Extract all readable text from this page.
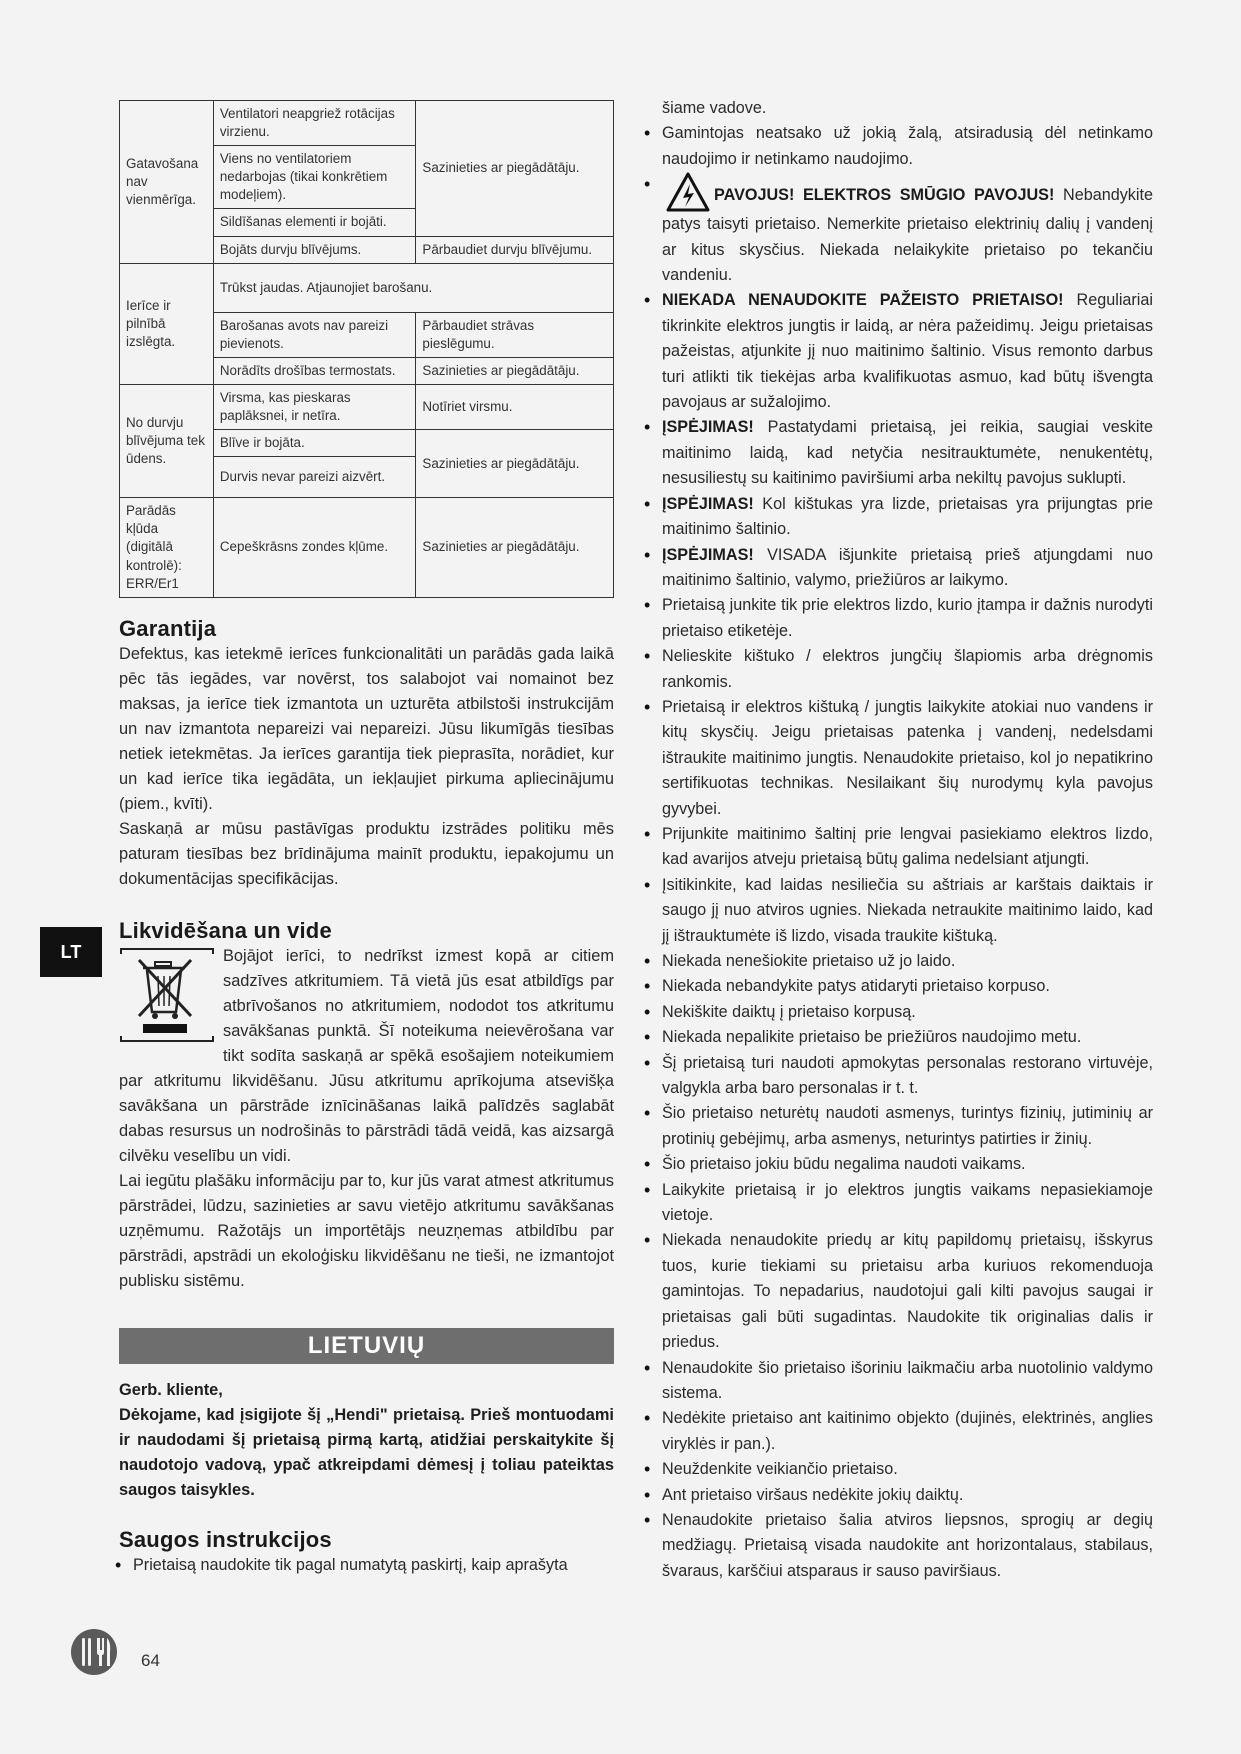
Gatavošana nav vienmērīga.	Ventilatori neapgriež rotācijas virzienu.	Sazinieties ar piegādātāju.
	Viens no ventilatoriem nedarbojas (tikai konkrētiem modeļiem).	
	Sildīšanas elementi ir bojāti.	
	Bojāts durvju blīvējums.	Pārbaudiet durvju blīvējumu.
Ierīce ir pilnībā izslēgta.	Trūkst jaudas. Atjaunojiet barošanu.	
	Barošanas avots nav pareizi pievienots.	Pārbaudiet strāvas pieslēgumu.
	Norādīts drošības termostats.	Sazinieties ar piegādātāju.
No durvju blīvējuma tek ūdens.	Virsma, kas pieskaras paplāksnei, ir netīra.	Notīriet virsmu.
	Blīve ir bojāta.	Sazinieties ar piegādātāju.
	Durvis nevar pareizi aizvērt.	
Parādās kļūda (digitālā kontrolē): ERR/Er1	Cepeškrāsns zondes kļūme.	Sazinieties ar piegādātāju.
Garantija

Defektus, kas ietekmē ierīces funkcionalitāti un parādās gada laikā pēc tās iegādes, var novērst, tos salabojot vai nomainot bez maksas, ja ierīce tiek izmantota un uzturēta atbilstoši instrukcijām un nav izmantota nepareizi vai nepareizi. Jūsu likumīgās tiesības netiek ietekmētas. Ja ierīces garantija tiek pieprasīta, norādiet, kur un kad ierīce tika iegādāta, un iekļaujiet pirkuma apliecinājumu (piem., kvīti).

Saskaņā ar mūsu pastāvīgas produktu izstrādes politiku mēs paturam tiesības bez brīdinājuma mainīt produktu, iepakojumu un dokumentācijas specifikācijas.

Likvidēšana un vide

Bojājot ierīci, to nedrīkst izmest kopā ar citiem sadzīves atkritumiem. Tā vietā jūs esat atbildīgs par atbrīvošanos no atkritumiem, nododot tos atkritumu savākšanas punktā. Šī noteikuma neievērošana var tikt sodīta saskaņā ar spēkā esošajiem noteikumiem par atkritumu likvidēšanu. Jūsu atkritumu aprīkojuma atsevišķa savākšana un pārstrāde iznīcināšanas laikā palīdzēs saglabāt dabas resursus un nodrošinās to pārstrādi tādā veidā, kas aizsargā cilvēku veselību un vidi.

Lai iegūtu plašāku informāciju par to, kur jūs varat atmest atkritumus pārstrādei, lūdzu, sazinieties ar savu vietējo atkritumu savākšanas uzņēmumu. Ražotājs un importētājs neuzņemas atbildību par pārstrādi, apstrādi un ekoloģisku likvidēšanu ne tieši, ne izmantojot publisku sistēmu.

LIETUVIŲ

Gerb. kliente,

Dėkojame, kad įsigijote šį „Hendi" prietaisą. Prieš montuodami ir naudodami šį prietaisą pirmą kartą, atidžiai perskaitykite šį naudotojo vadovą, ypač atkreipdami dėmesį į toliau pateiktas saugos taisykles.

Saugos instrukcijos
• Prietaisą naudokite tik pagal numatytą paskirtį, kaip aprašyta
šiame vadove.
• Gamintojas neatsako už jokią žalą, atsiradusią dėl netinkamo naudojimo ir netinkamo naudojimo.
• PAVOJUS! ELEKTROS SMŪGIO PAVOJUS! Nebandykite patys taisyti prietaiso. Nemerkite prietaiso elektrinių dalių į vandenį ar kitus skysčius. Niekada nelaikykite prietaiso po tekančiu vandeniu.
• NIEKADA NENAUDOKITE PAŽEISTO PRIETAISO! Reguliariai tikrinkite elektros jungtis ir laidą, ar nėra pažeidimų. Jeigu prietaisas pažeistas, atjunkite jį nuo maitinimo šaltinio. Visus remonto darbus turi atlikti tik tiekėjas arba kvalifikuotas asmuo, kad būtų išvengta pavojaus ar sužalojimo.
• ĮSPĖJIMAS! Pastatydami prietaisą, jei reikia, saugiai veskite maitinimo laidą, kad netyčia nesitrauktumėte, nenukentėtų, nesusiliestų su kaitinimo paviršiumi arba nekiltų pavojus suklupti.
• ĮSPĖJIMAS! Kol kištukas yra lizde, prietaisas yra prijungtas prie maitinimo šaltinio.
• ĮSPĖJIMAS! VISADA išjunkite prietaisą prieš atjungdami nuo maitinimo šaltinio, valymo, priežiūros ar laikymo.
• Prietaisą junkite tik prie elektros lizdo, kurio įtampa ir dažnis nurodyti prietaiso etiketėje.
• Nelieskite kištuko / elektros jungčių šlapiomis arba drėgnomis rankomis.
• Prietaisą ir elektros kištuką / jungtis laikykite atokiai nuo vandens ir kitų skysčių. Jeigu prietaisas patenka į vandenį, nedelsdami ištraukite maitinimo jungtis. Nenaudokite prietaiso, kol jo nepatikrino sertifikuotas technikas. Nesilaikant šių nurodymų kyla pavojus gyvybei.
• Prijunkite maitinimo šaltinį prie lengvai pasiekiamo elektros lizdo, kad avarijos atveju prietaisą būtų galima nedelsiant atjungti.
• Įsitikinkite, kad laidas nesiliečia su aštriais ar karštais daiktais ir saugo jį nuo atviros ugnies. Niekada netraukite maitinimo laido, kad jį ištrauktumėte iš lizdo, visada traukite kištuką.
• Niekada nenešiokite prietaiso už jo laido.
• Niekada nebandykite patys atidaryti prietaiso korpuso.
• Nekiškite daiktų į prietaiso korpusą.
• Niekada nepalikite prietaiso be priežiūros naudojimo metu.
• Šį prietaisą turi naudoti apmokytas personalas restorano virtuvėje, valgykla arba baro personalas ir t. t.
• Šio prietaiso neturėtų naudoti asmenys, turintys fizinių, jutiminių ar protinių gebėjimų, arba asmenys, neturintys patirties ir žinių.
• Šio prietaiso jokiu būdu negalima naudoti vaikams.
• Laikykite prietaisą ir jo elektros jungtis vaikams nepasiekiamoje vietoje.
• Niekada nenaudokite priedų ar kitų papildomų prietaisų, išskyrus tuos, kurie tiekiami su prietaisu arba kuriuos rekomenduoja gamintojas. To nepadarius, naudotojui gali kilti pavojus saugai ir prietaisas gali būti sugadintas. Naudokite tik originalias dalis ir priedus.
• Nenaudokite šio prietaiso išoriniu laikmačiu arba nuotolinio valdymo sistema.
• Nedėkite prietaiso ant kaitinimo objekto (dujinės, elektrinės, anglies viryklės ir pan.).
• Neuždenkite veikiančio prietaiso.
• Ant prietaiso viršaus nedėkite jokių daiktų.
• Nenaudokite prietaiso šalia atviros liepsnos, sprogių ar degių medžiagų. Prietaisą visada naudokite ant horizontalaus, stabilaus, švaraus, karščiui atsparaus ir sauso paviršiaus.
LT
64
